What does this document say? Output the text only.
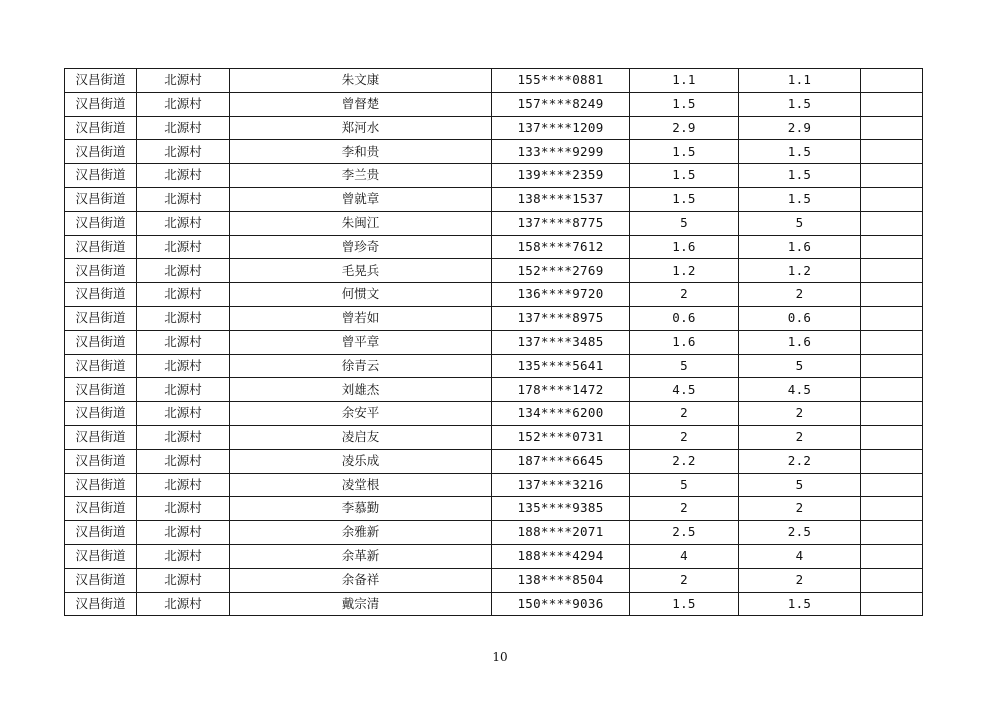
汉昌街道	北源村	朱文康	155****0881	1.1	1.1	
汉昌街道	北源村	曾督楚	157****8249	1.5	1.5	
汉昌街道	北源村	郑河水	137****1209	2.9	2.9	
汉昌街道	北源村	李和贵	133****9299	1.5	1.5	
汉昌街道	北源村	李兰贵	139****2359	1.5	1.5	
汉昌街道	北源村	曾就章	138****1537	1.5	1.5	
汉昌街道	北源村	朱闽江	137****8775	5	5	
汉昌街道	北源村	曾珍奇	158****7612	1.6	1.6	
汉昌街道	北源村	毛晃兵	152****2769	1.2	1.2	
汉昌街道	北源村	何惯文	136****9720	2	2	
汉昌街道	北源村	曾若如	137****8975	0.6	0.6	
汉昌街道	北源村	曾平章	137****3485	1.6	1.6	
汉昌街道	北源村	徐青云	135****5641	5	5	
汉昌街道	北源村	刘雄杰	178****1472	4.5	4.5	
汉昌街道	北源村	余安平	134****6200	2	2	
汉昌街道	北源村	凌启友	152****0731	2	2	
汉昌街道	北源村	凌乐成	187****6645	2.2	2.2	
汉昌街道	北源村	凌堂根	137****3216	5	5	
汉昌街道	北源村	李慕勤	135****9385	2	2	
汉昌街道	北源村	余雅新	188****2071	2.5	2.5	
汉昌街道	北源村	余革新	188****4294	4	4	
汉昌街道	北源村	余备祥	138****8504	2	2	
汉昌街道	北源村	戴宗清	150****9036	1.5	1.5	
10
